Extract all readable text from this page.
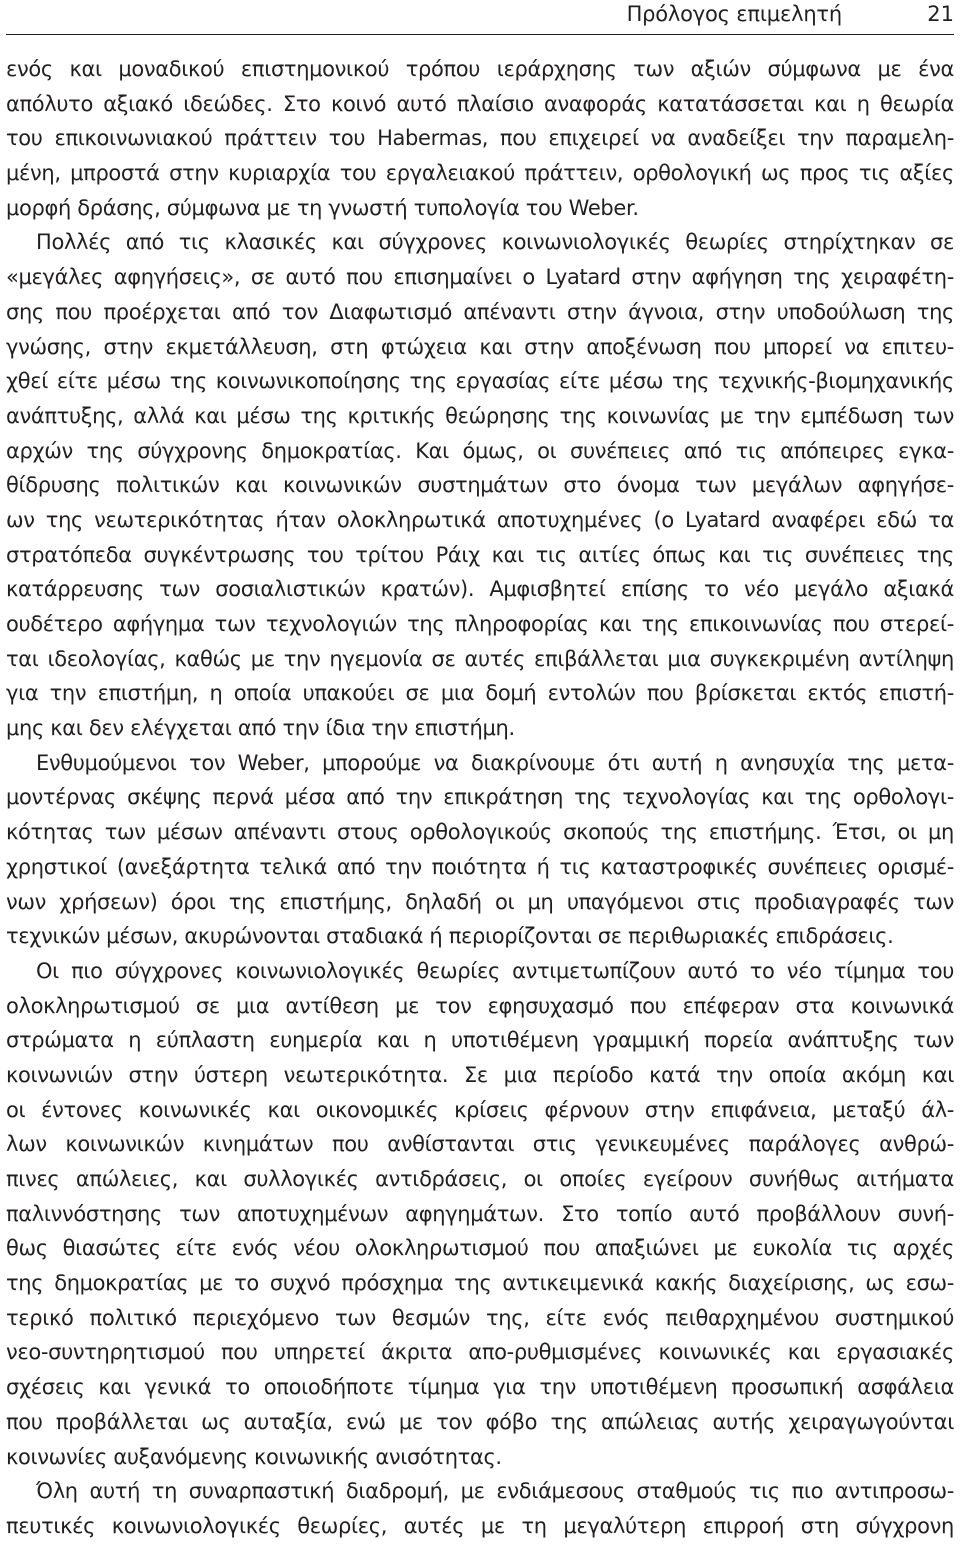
Πρόλογος επιμελητή	21
ενός και μοναδικού επιστημονικού τρόπου ιεράρχησης των αξιών σύμφωνα με ένα
απόλυτο αξιακό ιδεώδες. Στο κοινό αυτό πλαίσιο αναφοράς κατατάσσεται και η θεωρία
του επικοινωνιακού πράττειν του Habermas, που επιχειρεί να αναδείξει την παραμελη-
μένη, μπροστά στην κυριαρχία του εργαλειακού πράττειν, ορθολογική ως προς τις αξίες
μορφή δράσης, σύμφωνα με τη γνωστή τυπολογία του Weber.
Πολλές από τις κλασικές και σύγχρονες κοινωνιολογικές θεωρίες στηρίχτηκαν σε
«μεγάλες αφηγήσεις», σε αυτό που επισημαίνει ο Lyatard στην αφήγηση της χειραφέτη-
σης που προέρχεται από τον Διαφωτισμό απέναντι στην άγνοια, στην υποδούλωση της
γνώσης, στην εκμετάλλευση, στη φτώχεια και στην αποξένωση που μπορεί να επιτευ-
χθεί είτε μέσω της κοινωνικοποίησης της εργασίας είτε μέσω της τεχνικής-βιομηχανικής
ανάπτυξης, αλλά και μέσω της κριτικής θεώρησης της κοινωνίας με την εμπέδωση των
αρχών της σύγχρονης δημοκρατίας. Και όμως, οι συνέπειες από τις απόπειρες εγκα-
θίδρυσης πολιτικών και κοινωνικών συστημάτων στο όνομα των μεγάλων αφηγήσε-
ων της νεωτερικότητας ήταν ολοκληρωτικά αποτυχημένες (ο Lyatard αναφέρει εδώ τα
στρατόπεδα συγκέντρωσης του τρίτου Ράιχ και τις αιτίες όπως και τις συνέπειες της
κατάρρευσης των σοσιαλιστικών κρατών). Αμφισβητεί επίσης το νέο μεγάλο αξιακά
ουδέτερο αφήγημα των τεχνολογιών της πληροφορίας και της επικοινωνίας που στερεί-
ται ιδεολογίας, καθώς με την ηγεμονία σε αυτές επιβάλλεται μια συγκεκριμένη αντίληψη
για την επιστήμη, η οποία υπακούει σε μια δομή εντολών που βρίσκεται εκτός επιστή-
μης και δεν ελέγχεται από την ίδια την επιστήμη.
Ενθυμούμενοι τον Weber, μπορούμε να διακρίνουμε ότι αυτή η ανησυχία της μετα-
μοντέρνας σκέψης περνά μέσα από την επικράτηση της τεχνολογίας και της ορθολογι-
κότητας των μέσων απέναντι στους ορθολογικούς σκοπούς της επιστήμης. Έτσι, οι μη
χρηστικοί (ανεξάρτητα τελικά από την ποιότητα ή τις καταστροφικές συνέπειες ορισμέ-
νων χρήσεων) όροι της επιστήμης, δηλαδή οι μη υπαγόμενοι στις προδιαγραφές των
τεχνικών μέσων, ακυρώνονται σταδιακά ή περιορίζονται σε περιθωριακές επιδράσεις.
Οι πιο σύγχρονες κοινωνιολογικές θεωρίες αντιμετωπίζουν αυτό το νέο τίμημα του
ολοκληρωτισμού σε μια αντίθεση με τον εφησυχασμό που επέφεραν στα κοινωνικά
στρώματα η εύπλαστη ευημερία και η υποτιθέμενη γραμμική πορεία ανάπτυξης των
κοινωνιών στην ύστερη νεωτερικότητα. Σε μια περίοδο κατά την οποία ακόμη και
οι έντονες κοινωνικές και οικονομικές κρίσεις φέρνουν στην επιφάνεια, μεταξύ άλ-
λων κοινωνικών κινημάτων που ανθίστανται στις γενικευμένες παράλογες ανθρώ-
πινες απώλειες, και συλλογικές αντιδράσεις, οι οποίες εγείρουν συνήθως αιτήματα
παλιννόστησης των αποτυχημένων αφηγημάτων. Στο τοπίο αυτό προβάλλουν συνή-
θως θιασώτες είτε ενός νέου ολοκληρωτισμού που απαξιώνει με ευκολία τις αρχές
της δημοκρατίας με το συχνό πρόσχημα της αντικειμενικά κακής διαχείρισης, ως εσω-
τερικό πολιτικό περιεχόμενο των θεσμών της, είτε ενός πειθαρχημένου συστημικού
νεο-συντηρητισμού που υπηρετεί άκριτα απο-ρυθμισμένες κοινωνικές και εργασιακές
σχέσεις και γενικά το οποιοδήποτε τίμημα για την υποτιθέμενη προσωπική ασφάλεια
που προβάλλεται ως αυταξία, ενώ με τον φόβο της απώλειας αυτής χειραγωγούνται
κοινωνίες αυξανόμενης κοινωνικής ανισότητας.
Όλη αυτή τη συναρπαστική διαδρομή, με ενδιάμεσους σταθμούς τις πιο αντιπροσω-
πευτικές κοινωνιολογικές θεωρίες, αυτές με τη μεγαλύτερη επιρροή στη σύγχρονη
